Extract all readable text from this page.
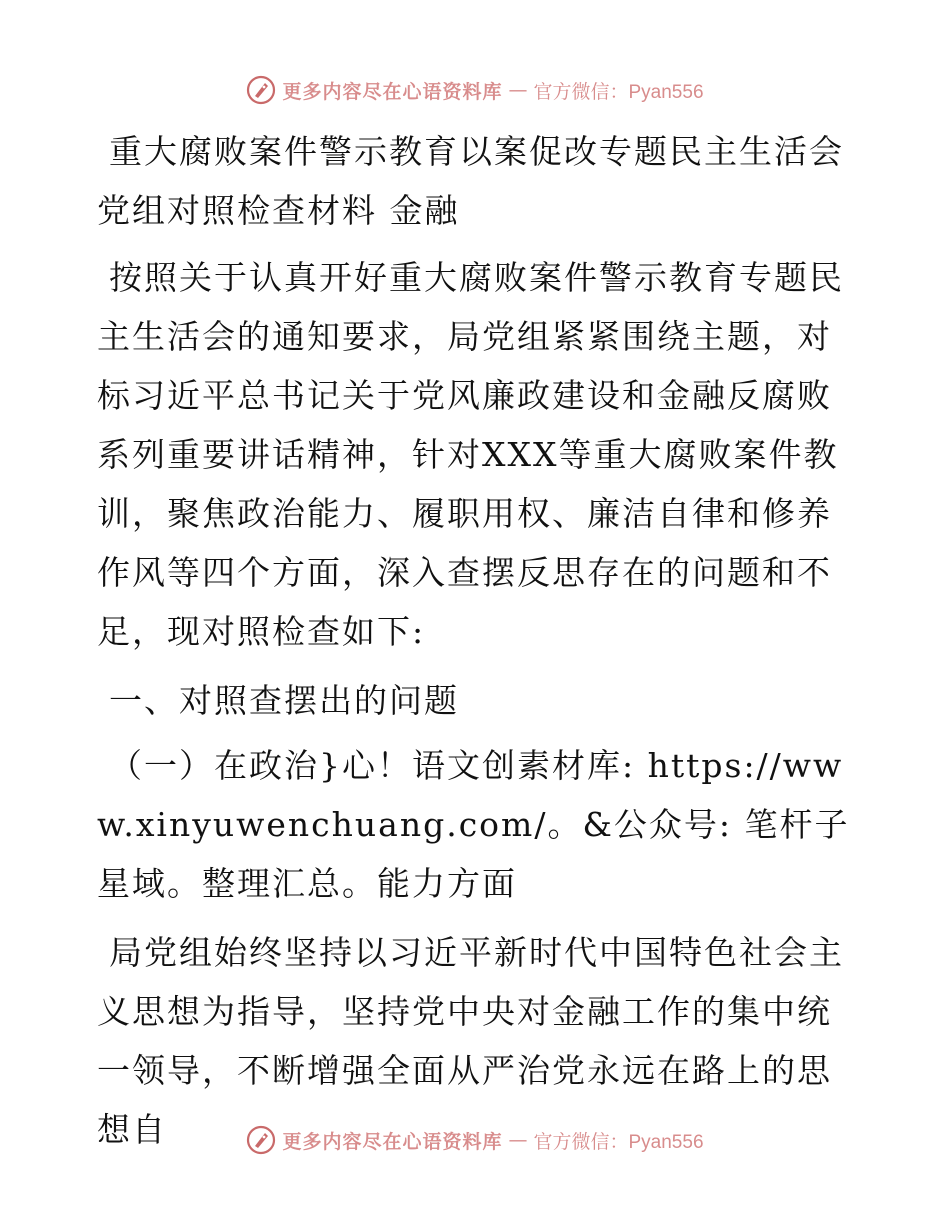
更多内容尽在心语资料库 — 官方微信：Pyan556

重大腐败案件警示教育以案促改专题民主生活会党组对照检查材料 金融

按照关于认真开好重大腐败案件警示教育专题民主生活会的通知要求，局党组紧紧围绕主题，对标习近平总书记关于党风廉政建设和金融反腐败系列重要讲话精神，针对XXX等重大腐败案件教训，聚焦政治能力、履职用权、廉洁自律和修养作风等四个方面，深入查摆反思存在的问题和不足，现对照检查如下:

一、对照查摆出的问题

（一）在政治}心！语文创素材库: https://www.xinyuwenchuang.com/。&公众号: 笔杆子星域。整理汇总。能力方面

局党组始终坚持以习近平新时代中国特色社会主义思想为指导，坚持党中央对金融工作的集中统一领导，不断增强全面从严治党永远在路上的思想自	更多内容尽在心语资料库 — 官方微信：Pyan556
